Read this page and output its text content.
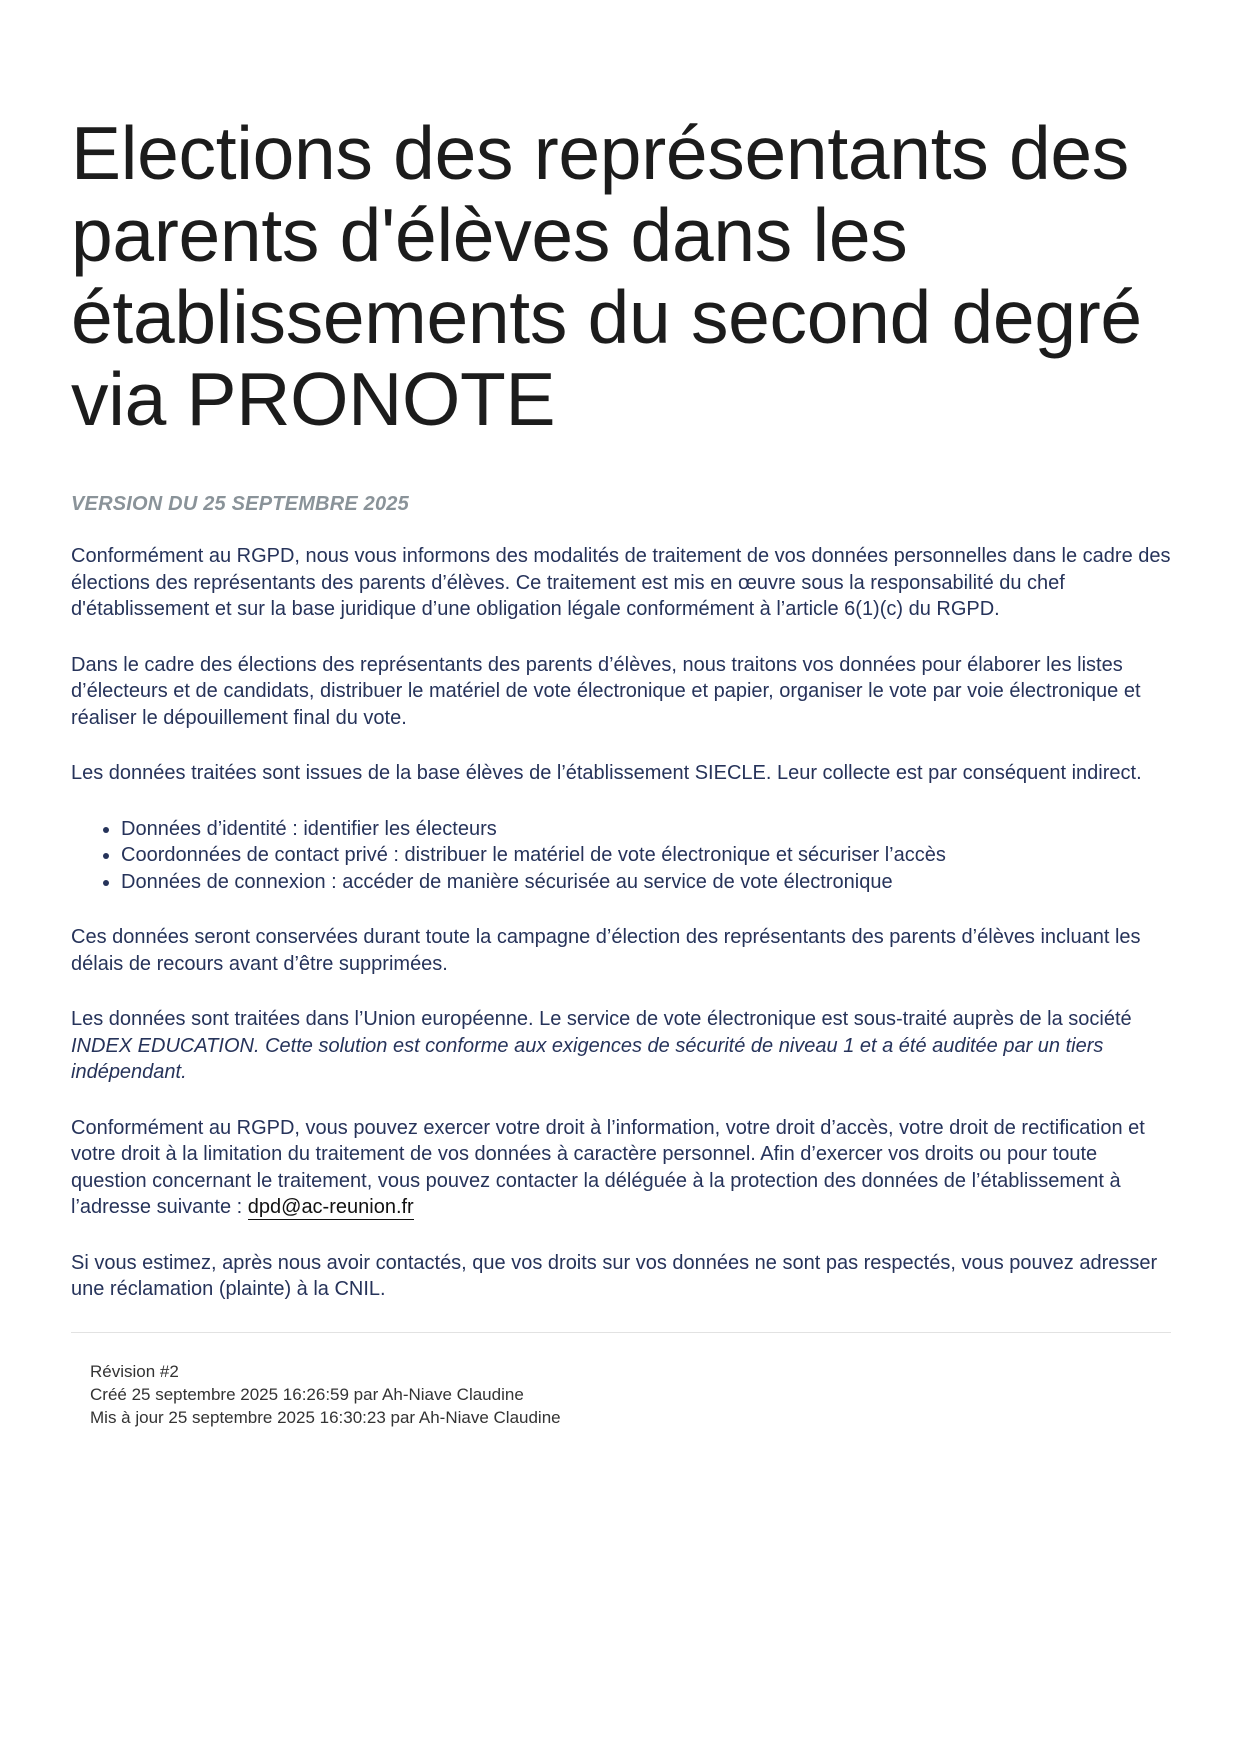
Elections des représentants des parents d'élèves dans les établissements du second degré via PRONOTE
VERSION DU 25 SEPTEMBRE 2025

Conformément au RGPD, nous vous informons des modalités de traitement de vos données personnelles dans le cadre des élections des représentants des parents d’élèves. Ce traitement est mis en œuvre sous la responsabilité du chef d'établissement et sur la base juridique d’une obligation légale conformément à l’article 6(1)(c) du RGPD.

Dans le cadre des élections des représentants des parents d’élèves, nous traitons vos données pour élaborer les listes d’électeurs et de candidats, distribuer le matériel de vote électronique et papier, organiser le vote par voie électronique et réaliser le dépouillement final du vote.

Les données traitées sont issues de la base élèves de l’établissement SIECLE. Leur collecte est par conséquent indirect.

• Données d’identité : identifier les électeurs
• Coordonnées de contact privé : distribuer le matériel de vote électronique et sécuriser l’accès
• Données de connexion : accéder de manière sécurisée au service de vote électronique

Ces données seront conservées durant toute la campagne d’élection des représentants des parents d’élèves incluant les délais de recours avant d’être supprimées.

Les données sont traitées dans l’Union européenne. Le service de vote électronique est sous-traité auprès de la société INDEX EDUCATION. Cette solution est conforme aux exigences de sécurité de niveau 1 et a été auditée par un tiers indépendant.

Conformément au RGPD, vous pouvez exercer votre droit à l’information, votre droit d’accès, votre droit de rectification et votre droit à la limitation du traitement de vos données à caractère personnel. Afin d’exercer vos droits ou pour toute question concernant le traitement, vous pouvez contacter la déléguée à la protection des données de l’établissement à l’adresse suivante : dpd@ac-reunion.fr

Si vous estimez, après nous avoir contactés, que vos droits sur vos données ne sont pas respectés, vous pouvez adresser une réclamation (plainte) à la CNIL.

Révision #2
Créé 25 septembre 2025 16:26:59 par Ah-Niave Claudine
Mis à jour 25 septembre 2025 16:30:23 par Ah-Niave Claudine
